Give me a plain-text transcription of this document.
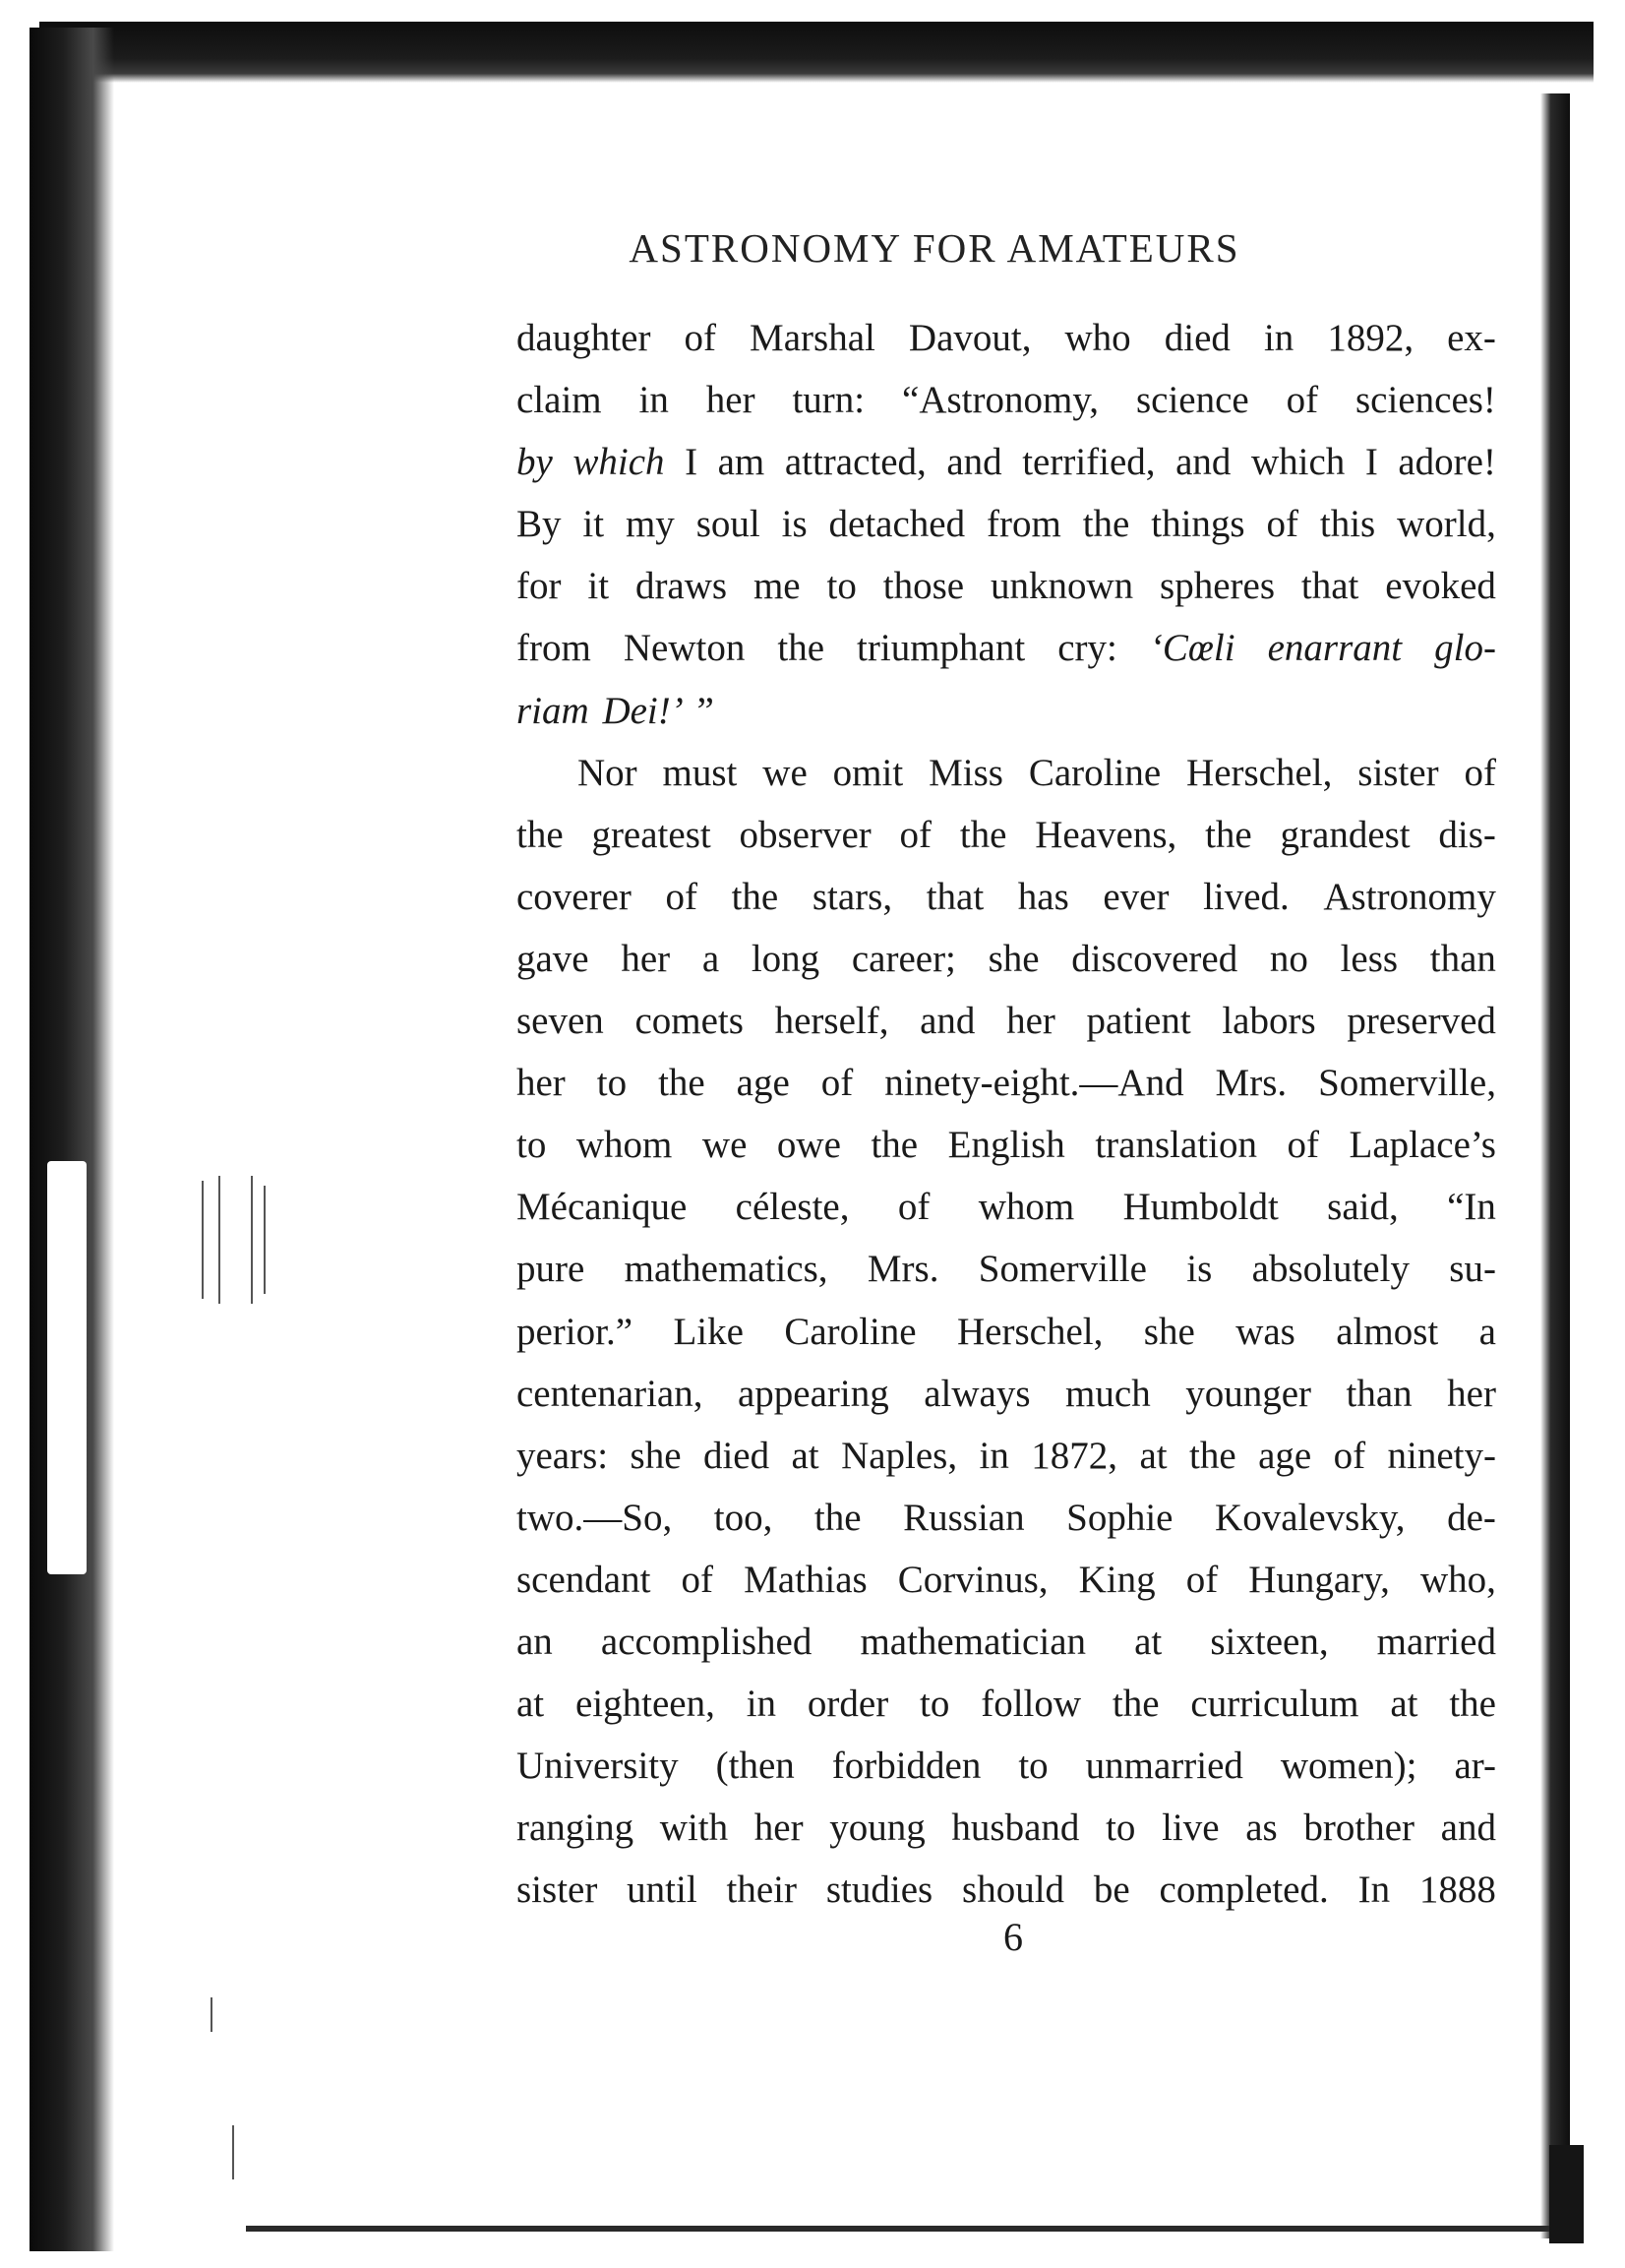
ASTRONOMY FOR AMATEURS
daughter of Marshal Davout, who died in 1892, ex-
claim in her turn: “Astronomy, science of sciences!
by which I am attracted, and terrified, and which I adore!
By it my soul is detached from the things of this world,
for it draws me to those unknown spheres that evoked
from Newton the triumphant cry: ‘Cœli enarrant glo-
riam
Dei!’
”
Nor must we omit Miss Caroline Herschel, sister of
the greatest observer of the Heavens, the grandest dis-
coverer of the stars, that has ever lived. Astronomy
gave her a long career; she discovered no less than
seven comets herself, and her patient labors preserved
her to the age of ninety-eight.—And Mrs. Somerville,
to whom we owe the English translation of Laplace’s
Mécanique céleste, of whom Humboldt said, “In
pure mathematics, Mrs. Somerville is absolutely su-
perior.” Like Caroline Herschel, she was almost a
centenarian, appearing always much younger than her
years: she died at Naples, in 1872, at the age of ninety-
two.—So, too, the Russian Sophie Kovalevsky, de-
scendant of Mathias Corvinus, King of Hungary, who,
an accomplished mathematician at sixteen, married
at eighteen, in order to follow the curriculum at the
University (then forbidden to unmarried women); ar-
ranging with her young husband to live as brother and
sister until their studies should be completed. In 1888
6
